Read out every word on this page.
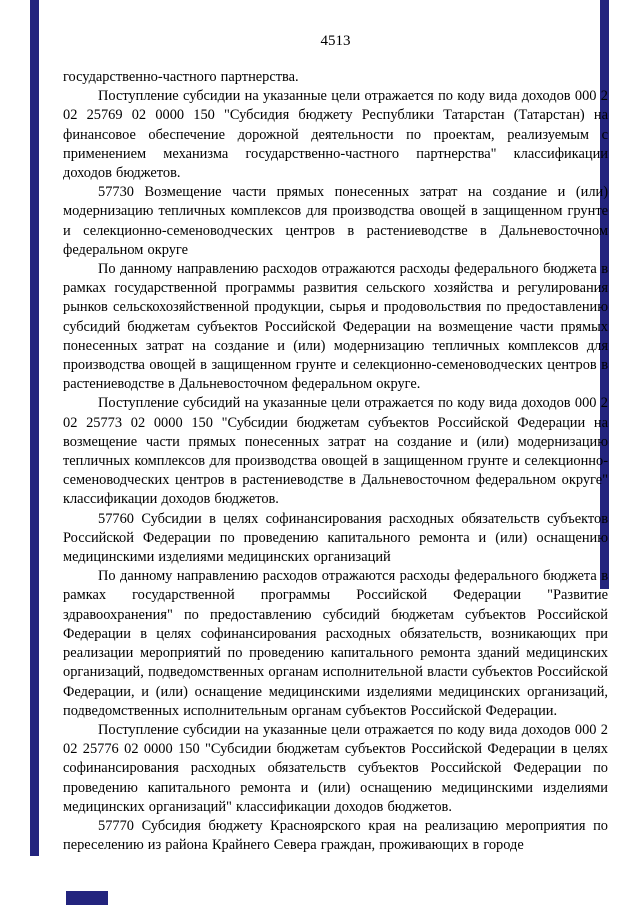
4513

государственно-частного партнерства.

Поступление субсидии на указанные цели отражается по коду вида доходов 000 2 02 25769 02 0000 150 "Субсидия бюджету Республики Татарстан (Татарстан) на финансовое обеспечение дорожной деятельности по проектам, реализуемым с применением механизма государственно-частного партнерства" классификации доходов бюджетов.

57730 Возмещение части прямых понесенных затрат на создание и (или) модернизацию тепличных комплексов для производства овощей в защищенном грунте и селекционно-семеноводческих центров в растениеводстве в Дальневосточном федеральном округе

По данному направлению расходов отражаются расходы федерального бюджета в рамках государственной программы развития сельского хозяйства и регулирования рынков сельскохозяйственной продукции, сырья и продовольствия по предоставлению субсидий бюджетам субъектов Российской Федерации на возмещение части прямых понесенных затрат на создание и (или) модернизацию тепличных комплексов для производства овощей в защищенном грунте и селекционно-семеноводческих центров в растениеводстве в Дальневосточном федеральном округе.

Поступление субсидий на указанные цели отражается по коду вида доходов 000 2 02 25773 02 0000 150 "Субсидии бюджетам субъектов Российской Федерации на возмещение части прямых понесенных затрат на создание и (или) модернизацию тепличных комплексов для производства овощей в защищенном грунте и селекционно-семеноводческих центров в растениеводстве в Дальневосточном федеральном округе" классификации доходов бюджетов.

57760 Субсидии в целях софинансирования расходных обязательств субъектов Российской Федерации по проведению капитального ремонта и (или) оснащению медицинскими изделиями медицинских организаций

По данному направлению расходов отражаются расходы федерального бюджета в рамках государственной программы Российской Федерации "Развитие здравоохранения" по предоставлению субсидий бюджетам субъектов Российской Федерации в целях софинансирования расходных обязательств, возникающих при реализации мероприятий по проведению капитального ремонта зданий медицинских организаций, подведомственных органам исполнительной власти субъектов Российской Федерации, и (или) оснащение медицинскими изделиями медицинских организаций, подведомственных исполнительным органам субъектов Российской Федерации.

Поступление субсидии на указанные цели отражается по коду вида доходов 000 2 02 25776 02 0000 150 "Субсидии бюджетам субъектов Российской Федерации в целях софинансирования расходных обязательств субъектов Российской Федерации по проведению капитального ремонта и (или) оснащению медицинскими изделиями медицинских организаций" классификации доходов бюджетов.

57770 Субсидия бюджету Красноярского края на реализацию мероприятия по переселению из района Крайнего Севера граждан, проживающих в городе
